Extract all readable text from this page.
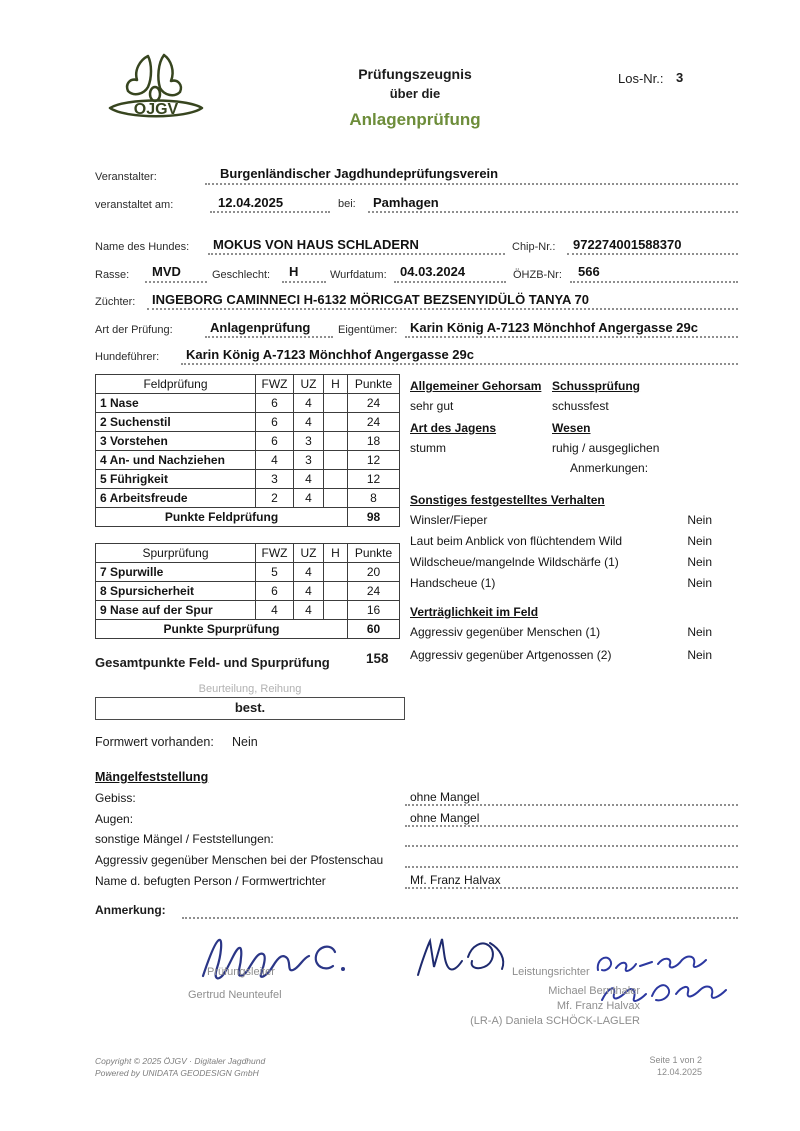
ÖJGV
Prüfungszeugnis
über die
Anlagenprüfung
Los-Nr.: 3
Veranstalter:	Burgenländischer Jagdhundeprüfungsverein
veranstaltet am:	12.04.2025	bei: Pamhagen
Name des Hundes: MOKUS VON HAUS SCHLADERN	Chip-Nr.: 972274001588370
Rasse: MVD	Geschlecht: H	Wurfdatum: 04.03.2024	ÖHZB-Nr: 566
Züchter: INGEBORG CAMINNECI H-6132 MÖRICGAT BEZSENYIDÜLÖ TANYA 70
Art der Prüfung:	Anlagenprüfung	Eigentümer: Karin König A-7123 Mönchhof Angergasse 29c
Hundeführer: Karin König A-7123 Mönchhof Angergasse 29c
Feldprüfung	FWZ	UZ	H	Punkte
1 Nase	6	4		24
2 Suchenstil	6	4		24
3 Vorstehen	6	3		18
4 An- und Nachziehen	4	3		12
5 Führigkeit	3	4		12
6 Arbeitsfreude	2	4		8
Punkte Feldprüfung				98
Allgemeiner Gehorsam Schussprüfung
sehr gut	schussfest
Art des Jagens	Wesen
stumm	ruhig / ausgeglichen
Anmerkungen:
Sonstiges festgestelltes Verhalten
Winsler/Fieper	Nein
Laut beim Anblick von flüchtendem Wild	Nein
Wildscheue/mangelnde Wildschärfe (1)	Nein
Handscheue (1)	Nein
Verträglichkeit im Feld
Aggressiv gegenüber Menschen (1)	Nein
Aggressiv gegenüber Artgenossen (2)	Nein
Spurprüfung	FWZ	UZ	H	Punkte
7 Spurwille	5	4		20
8 Spursicherheit	6	4		24
9 Nase auf der Spur	4	4		16
Punkte Spurprüfung				60
Gesamtpunkte Feld- und Spurprüfung	158
Beurteilung, Reihung
best.
Formwert vorhanden: Nein
Mängelfeststellung
Gebiss:	ohne Mangel
Augen:	ohne Mangel
sonstige Mängel / Feststellungen:
Aggressiv gegenüber Menschen bei der Pfostenschau
Name d. befugten Person / Formwertrichter	Mf. Franz Halvax
Anmerkung:
Prüfungsleiter
Gertrud Neunteufel
Leistungsrichter
Michael Bernthaler
Mf. Franz Halvax
(LR-A) Daniela SCHÖCK-LAGLER
Copyright © 2025 ÖJGV · Digitaler Jagdhund
Powered by UNIDATA GEODESIGN GmbH
Seite 1 von 2
12.04.2025
